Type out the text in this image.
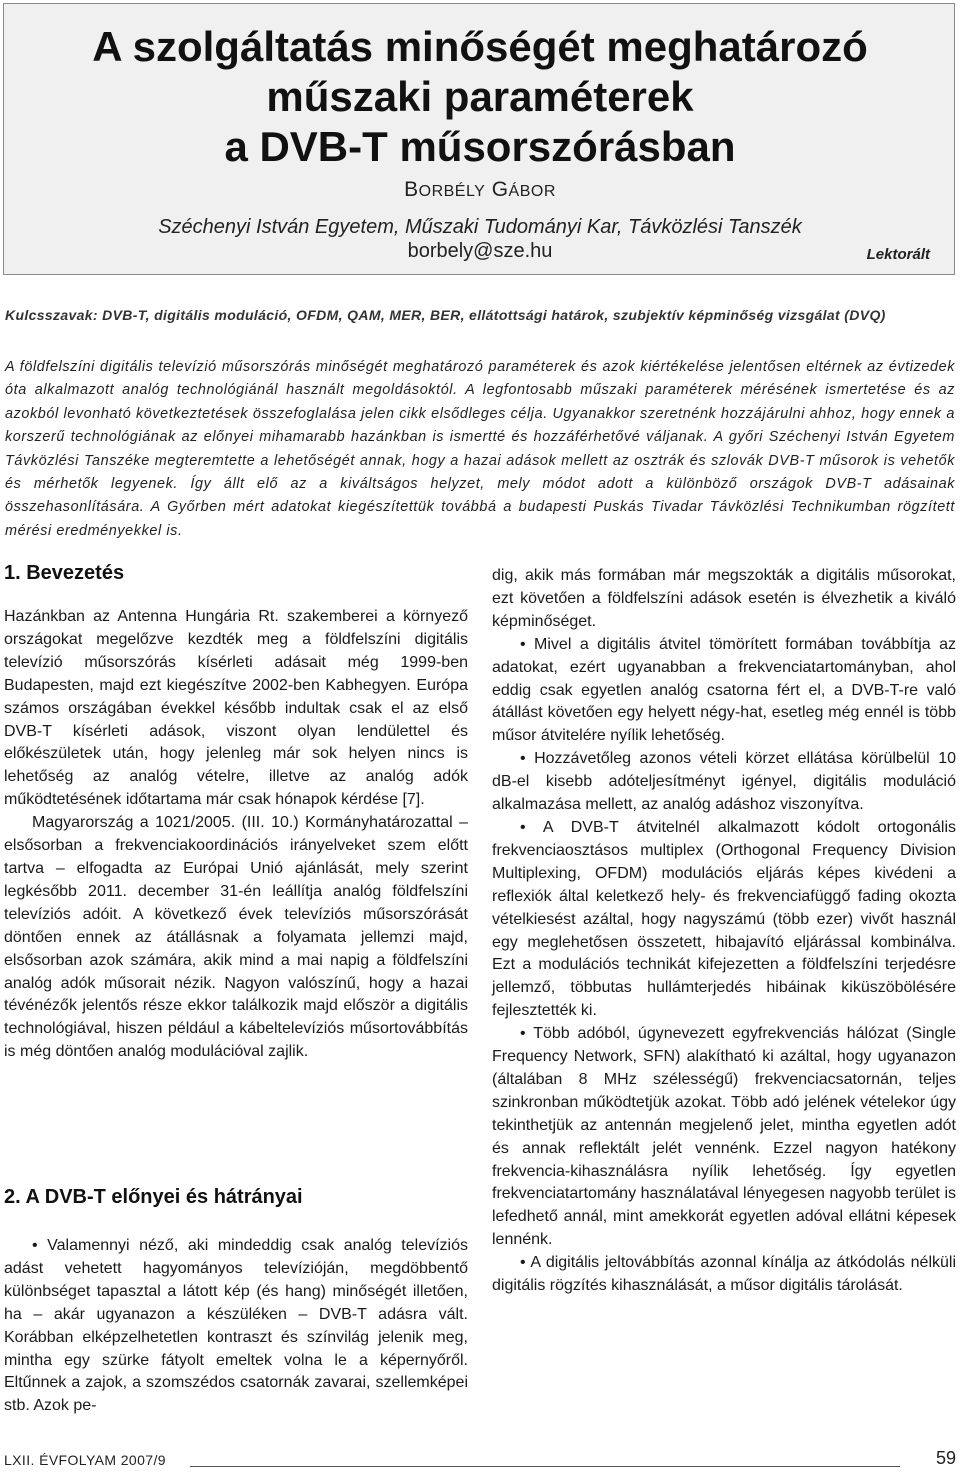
A szolgáltatás minőségét meghatározó
műszaki paraméterek
a DVB-T műsorszórásban
BORBÉLY GÁBOR
Széchenyi István Egyetem, Műszaki Tudományi Kar, Távközlési Tanszék
borbely@sze.hu	Lektorált
Kulcsszavak: DVB-T, digitális moduláció, OFDM, QAM, MER, BER, ellátottsági határok, szubjektív képminőség vizsgálat (DVQ)
A földfelszíni digitális televízió műsorszórás minőségét meghatározó paraméterek és azok kiértékelése jelentősen eltérnek az évtizedek óta alkalmazott analóg technológiánál használt megoldásoktól. A legfontosabb műszaki paraméterek mérésének ismertetése és az azokból levonható következtetések összefoglalása jelen cikk elsődleges célja. Ugyanakkor szeretnénk hozzájárulni ahhoz, hogy ennek a korszerű technológiának az előnyei mihamarabb hazánkban is ismertté és hozzáférhetővé váljanak. A győri Széchenyi István Egyetem Távközlési Tanszéke megteremtette a lehetőségét annak, hogy a hazai adások mellett az osztrák és szlovák DVB-T műsorok is vehetők és mérhetők legyenek. Így állt elő az a kiváltságos helyzet, mely módot adott a különböző országok DVB-T adásainak összehasonlítására. A Győrben mért adatokat kiegészítettük továbbá a budapesti Puskás Tivadar Távközlési Technikumban rögzített mérési eredményekkel is.
1. Bevezetés

Hazánkban az Antenna Hungária Rt. szakemberei a környező országokat megelőzve kezdték meg a földfelszíni digitális televízió műsorszórás kísérleti adásait még 1999-ben Budapesten, majd ezt kiegészítve 2002-ben Kabhegyen. Európa számos országában évekkel később indultak csak el az első DVB-T kísérleti adások, viszont olyan lendülettel és előkészületek után, hogy jelenleg már sok helyen nincs is lehetőség az analóg vételre, illetve az analóg adók működtetésének időtartama már csak hónapok kérdése [7].

Magyarország a 1021/2005. (III. 10.) Kormányhatározattal – elsősorban a frekvenciakoordinációs irányelveket szem előtt tartva – elfogadta az Európai Unió ajánlását, mely szerint legkésőbb 2011. december 31-én leállítja analóg földfelszíni televíziós adóit. A következő évek televíziós műsorszórását döntően ennek az átállásnak a folyamata jellemzi majd, elsősorban azok számára, akik mind a mai napig a földfelszíni analóg adók műsorait nézik. Nagyon valószínű, hogy a hazai tévénézők jelentős része ekkor találkozik majd először a digitális technológiával, hiszen például a kábeltelevíziós műsortovábbítás is még döntően analóg modulációval zajlik.

2. A DVB-T előnyei és hátrányai

• Valamennyi néző, aki mindeddig csak analóg televíziós adást vehetett hagyományos televízióján, megdöbbentő különbséget tapasztal a látott kép (és hang) minőségét illetően, ha – akár ugyanazon a készüléken – DVB-T adásra vált. Korábban elképzelhetetlen kontraszt és színvilág jelenik meg, mintha egy szürke fátyolt emeltek volna le a képernyőről. Eltűnnek a zajok, a szomszédos csatornák zavarai, szellemképei stb. Azok pe-

dig, akik más formában már megszokták a digitális műsorokat, ezt követően a földfelszíni adások esetén is élvezhetik a kiváló képminőséget.

• Mivel a digitális átvitel tömörített formában továbbítja az adatokat, ezért ugyanabban a frekvenciatartományban, ahol eddig csak egyetlen analóg csatorna fért el, a DVB-T-re való átállást követően egy helyett négy-hat, esetleg még ennél is több műsor átvitelére nyílik lehetőség.

• Hozzávetőleg azonos vételi körzet ellátása körülbelül 10 dB-el kisebb adóteljesítményt igényel, digitális moduláció alkalmazása mellett, az analóg adáshoz viszonyítva.

• A DVB-T átvitelnél alkalmazott kódolt ortogonális frekvenciaosztásos multiplex (Orthogonal Frequency Division Multiplexing, OFDM) modulációs eljárás képes kivédeni a reflexiók által keletkező hely- és frekvenciafüggő fading okozta vételkiesést azáltal, hogy nagyszámú (több ezer) vivőt használ egy meglehetősen összetett, hibajavító eljárással kombinálva. Ezt a modulációs technikát kifejezetten a földfelszíni terjedésre jellemző, többutas hullámterjedés hibáinak kiküszöbölésére fejlesztették ki.

• Több adóból, úgynevezett egyfrekvenciás hálózat (Single Frequency Network, SFN) alakítható ki azáltal, hogy ugyanazon (általában 8 MHz szélességű) frekvenciacsatornán, teljes szinkronban működtetjük azokat. Több adó jelének vételekor úgy tekinthetjük az antennán megjelenő jelet, mintha egyetlen adót és annak reflektált jelét vennénk. Ezzel nagyon hatékony frekvencia-kihasználásra nyílik lehetőség. Így egyetlen frekvenciatartomány használatával lényegesen nagyobb terület is lefedhető annál, mint amekkorát egyetlen adóval ellátni képesek lennénk.

• A digitális jeltovábbítás azonnal kínálja az átkódolás nélküli digitális rögzítés kihasználását, a műsor digitális tárolását.

LXII. ÉVFOLYAM 2007/9	59
